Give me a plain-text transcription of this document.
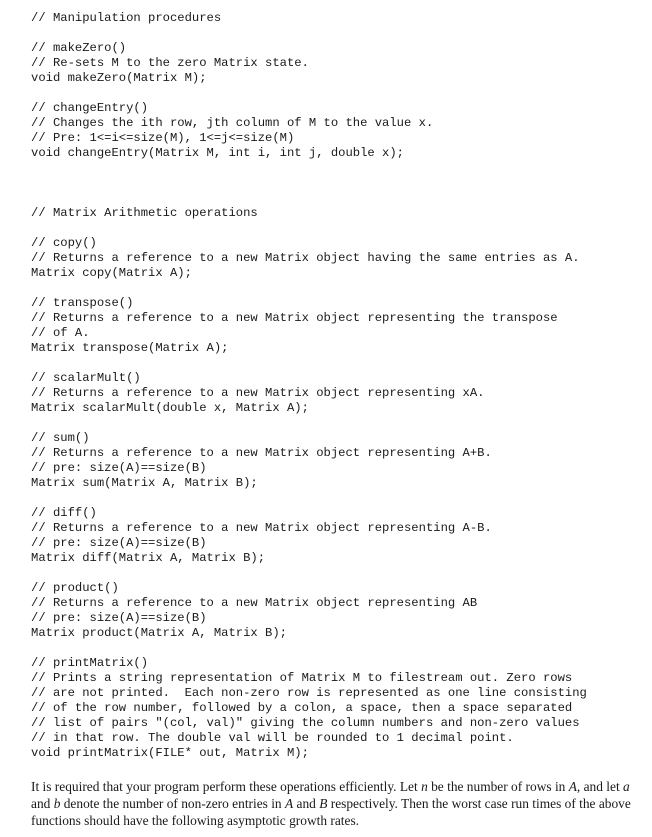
// Manipulation procedures
// makeZero()
// Re-sets M to the zero Matrix state.
void makeZero(Matrix M);
// changeEntry()
// Changes the ith row, jth column of M to the value x.
// Pre: 1<=i<=size(M), 1<=j<=size(M)
void changeEntry(Matrix M, int i, int j, double x);
// Matrix Arithmetic operations
// copy()
// Returns a reference to a new Matrix object having the same entries as A.
Matrix copy(Matrix A);
// transpose()
// Returns a reference to a new Matrix object representing the transpose
// of A.
Matrix transpose(Matrix A);
// scalarMult()
// Returns a reference to a new Matrix object representing xA.
Matrix scalarMult(double x, Matrix A);
// sum()
// Returns a reference to a new Matrix object representing A+B.
// pre: size(A)==size(B)
Matrix sum(Matrix A, Matrix B);
// diff()
// Returns a reference to a new Matrix object representing A-B.
// pre: size(A)==size(B)
Matrix diff(Matrix A, Matrix B);
// product()
// Returns a reference to a new Matrix object representing AB
// pre: size(A)==size(B)
Matrix product(Matrix A, Matrix B);
// printMatrix()
// Prints a string representation of Matrix M to filestream out. Zero rows
// are not printed.  Each non-zero row is represented as one line consisting
// of the row number, followed by a colon, a space, then a space separated
// list of pairs "(col, val)" giving the column numbers and non-zero values
// in that row. The double val will be rounded to 1 decimal point.
void printMatrix(FILE* out, Matrix M);

It is required that your program perform these operations efficiently. Let n be the number of rows in A, and let a and b denote the number of non-zero entries in A and B respectively. Then the worst case run times of the above functions should have the following asymptotic growth rates.
